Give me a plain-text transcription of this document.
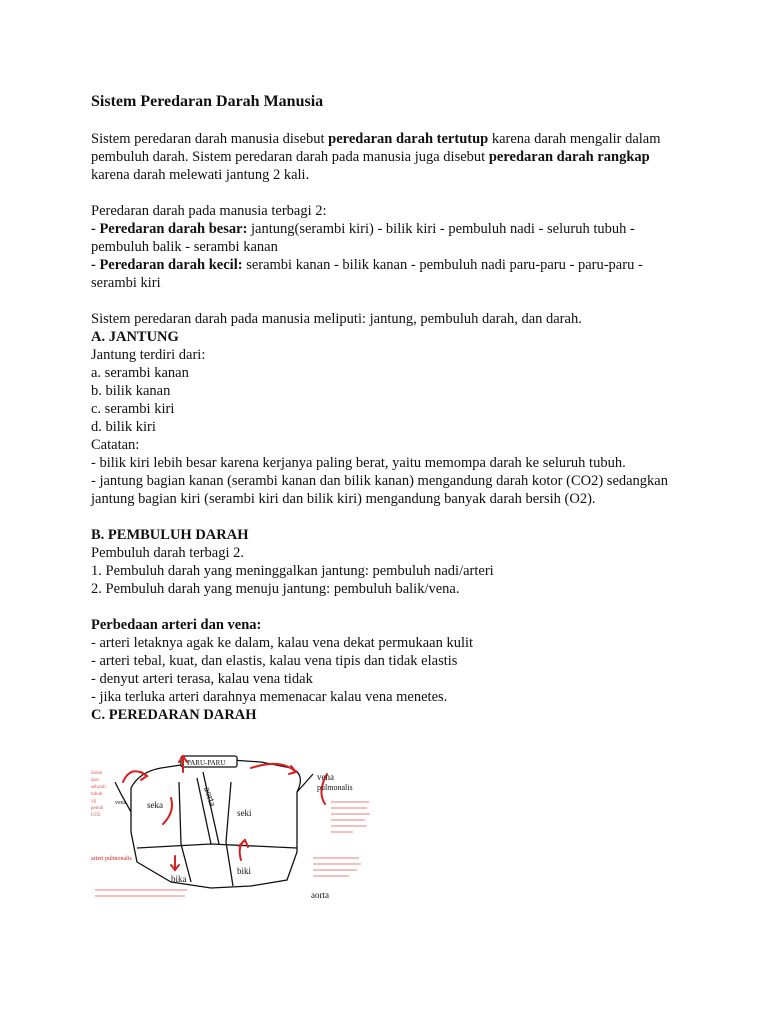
Sistem Peredaran Darah Manusia

Sistem peredaran darah manusia disebut peredaran darah tertutup karena darah mengalir dalam pembuluh darah. Sistem peredaran darah pada manusia juga disebut peredaran darah rangkap karena darah melewati jantung 2 kali.

Peredaran darah pada manusia terbagi 2:

- Peredaran darah besar: jantung(serambi kiri) - bilik kiri - pembuluh nadi - seluruh tubuh - pembuluh balik - serambi kanan

- Peredaran darah kecil: serambi kanan - bilik kanan - pembuluh nadi paru-paru - paru-paru - serambi kiri

Sistem peredaran darah pada manusia meliputi: jantung, pembuluh darah, dan darah.

A. JANTUNG

Jantung terdiri dari:

a. serambi kanan

b. bilik kanan

c. serambi kiri

d. bilik kiri

Catatan:

- bilik kiri lebih besar karena kerjanya paling berat, yaitu memompa darah ke seluruh tubuh.

- jantung bagian kanan (serambi kanan dan bilik kanan) mengandung darah kotor (CO2) sedangkan jantung bagian kiri (serambi kiri dan bilik kiri) mengandung banyak darah bersih (O2).

B. PEMBULUH DARAH

Pembuluh darah terbagi 2.

1. Pembuluh darah yang meninggalkan jantung: pembuluh nadi/arteri

2. Pembuluh darah yang menuju jantung: pembuluh balik/vena.

Perbedaan arteri dan vena:

- arteri letaknya agak ke dalam, kalau vena dekat permukaan kulit

- arteri tebal, kuat, dan elastis, kalau vena tipis dan tidak elastis

- denyut arteri terasa, kalau vena tidak

- jika terluka arteri darahnya memenacar kalau vena menetes.

C. PEREDARAN DARAH

PARU-PARU
aorta
seka
seki
bika
biki
aorta
vena
pulmonalis
vena
arteri pulmonalis
darah
dari
seluruh
tubuh
yg
penuh
CO2
